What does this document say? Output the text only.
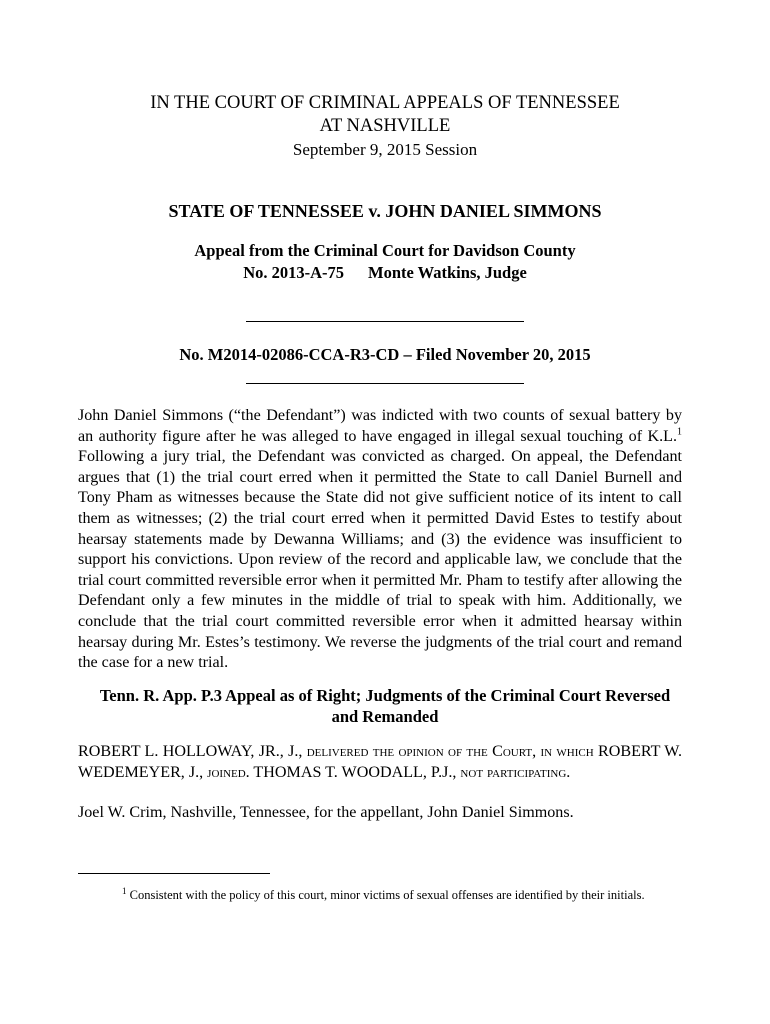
IN THE COURT OF CRIMINAL APPEALS OF TENNESSEE
AT NASHVILLE
September 9, 2015 Session
STATE OF TENNESSEE v. JOHN DANIEL SIMMONS
Appeal from the Criminal Court for Davidson County
No. 2013-A-75 Monte Watkins, Judge
No. M2014-02086-CCA-R3-CD – Filed November 20, 2015
John Daniel Simmons (“the Defendant”) was indicted with two counts of sexual battery by an authority figure after he was alleged to have engaged in illegal sexual touching of K.L.$^1$ Following a jury trial, the Defendant was convicted as charged. On appeal, the Defendant argues that (1) the trial court erred when it permitted the State to call Daniel Burnell and Tony Pham as witnesses because the State did not give sufficient notice of its intent to call them as witnesses; (2) the trial court erred when it permitted David Estes to testify about hearsay statements made by Dewanna Williams; and (3) the evidence was insufficient to support his convictions. Upon review of the record and applicable law, we conclude that the trial court committed reversible error when it permitted Mr. Pham to testify after allowing the Defendant only a few minutes in the middle of trial to speak with him. Additionally, we conclude that the trial court committed reversible error when it admitted hearsay within hearsay during Mr. Estes’s testimony. We reverse the judgments of the trial court and remand the case for a new trial.
Tenn. R. App. P.3 Appeal as of Right; Judgments of the Criminal Court Reversed
and Remanded
ROBERT L. HOLLOWAY, JR., J., delivered the opinion of the Court, in which ROBERT W.
WEDEMEYER, J., joined. THOMAS T. WOODALL, P.J., not participating.
Joel W. Crim, Nashville, Tennessee, for the appellant, John Daniel Simmons.
$^1$ Consistent with the policy of this court, minor victims of sexual offenses are identified by their initials.
